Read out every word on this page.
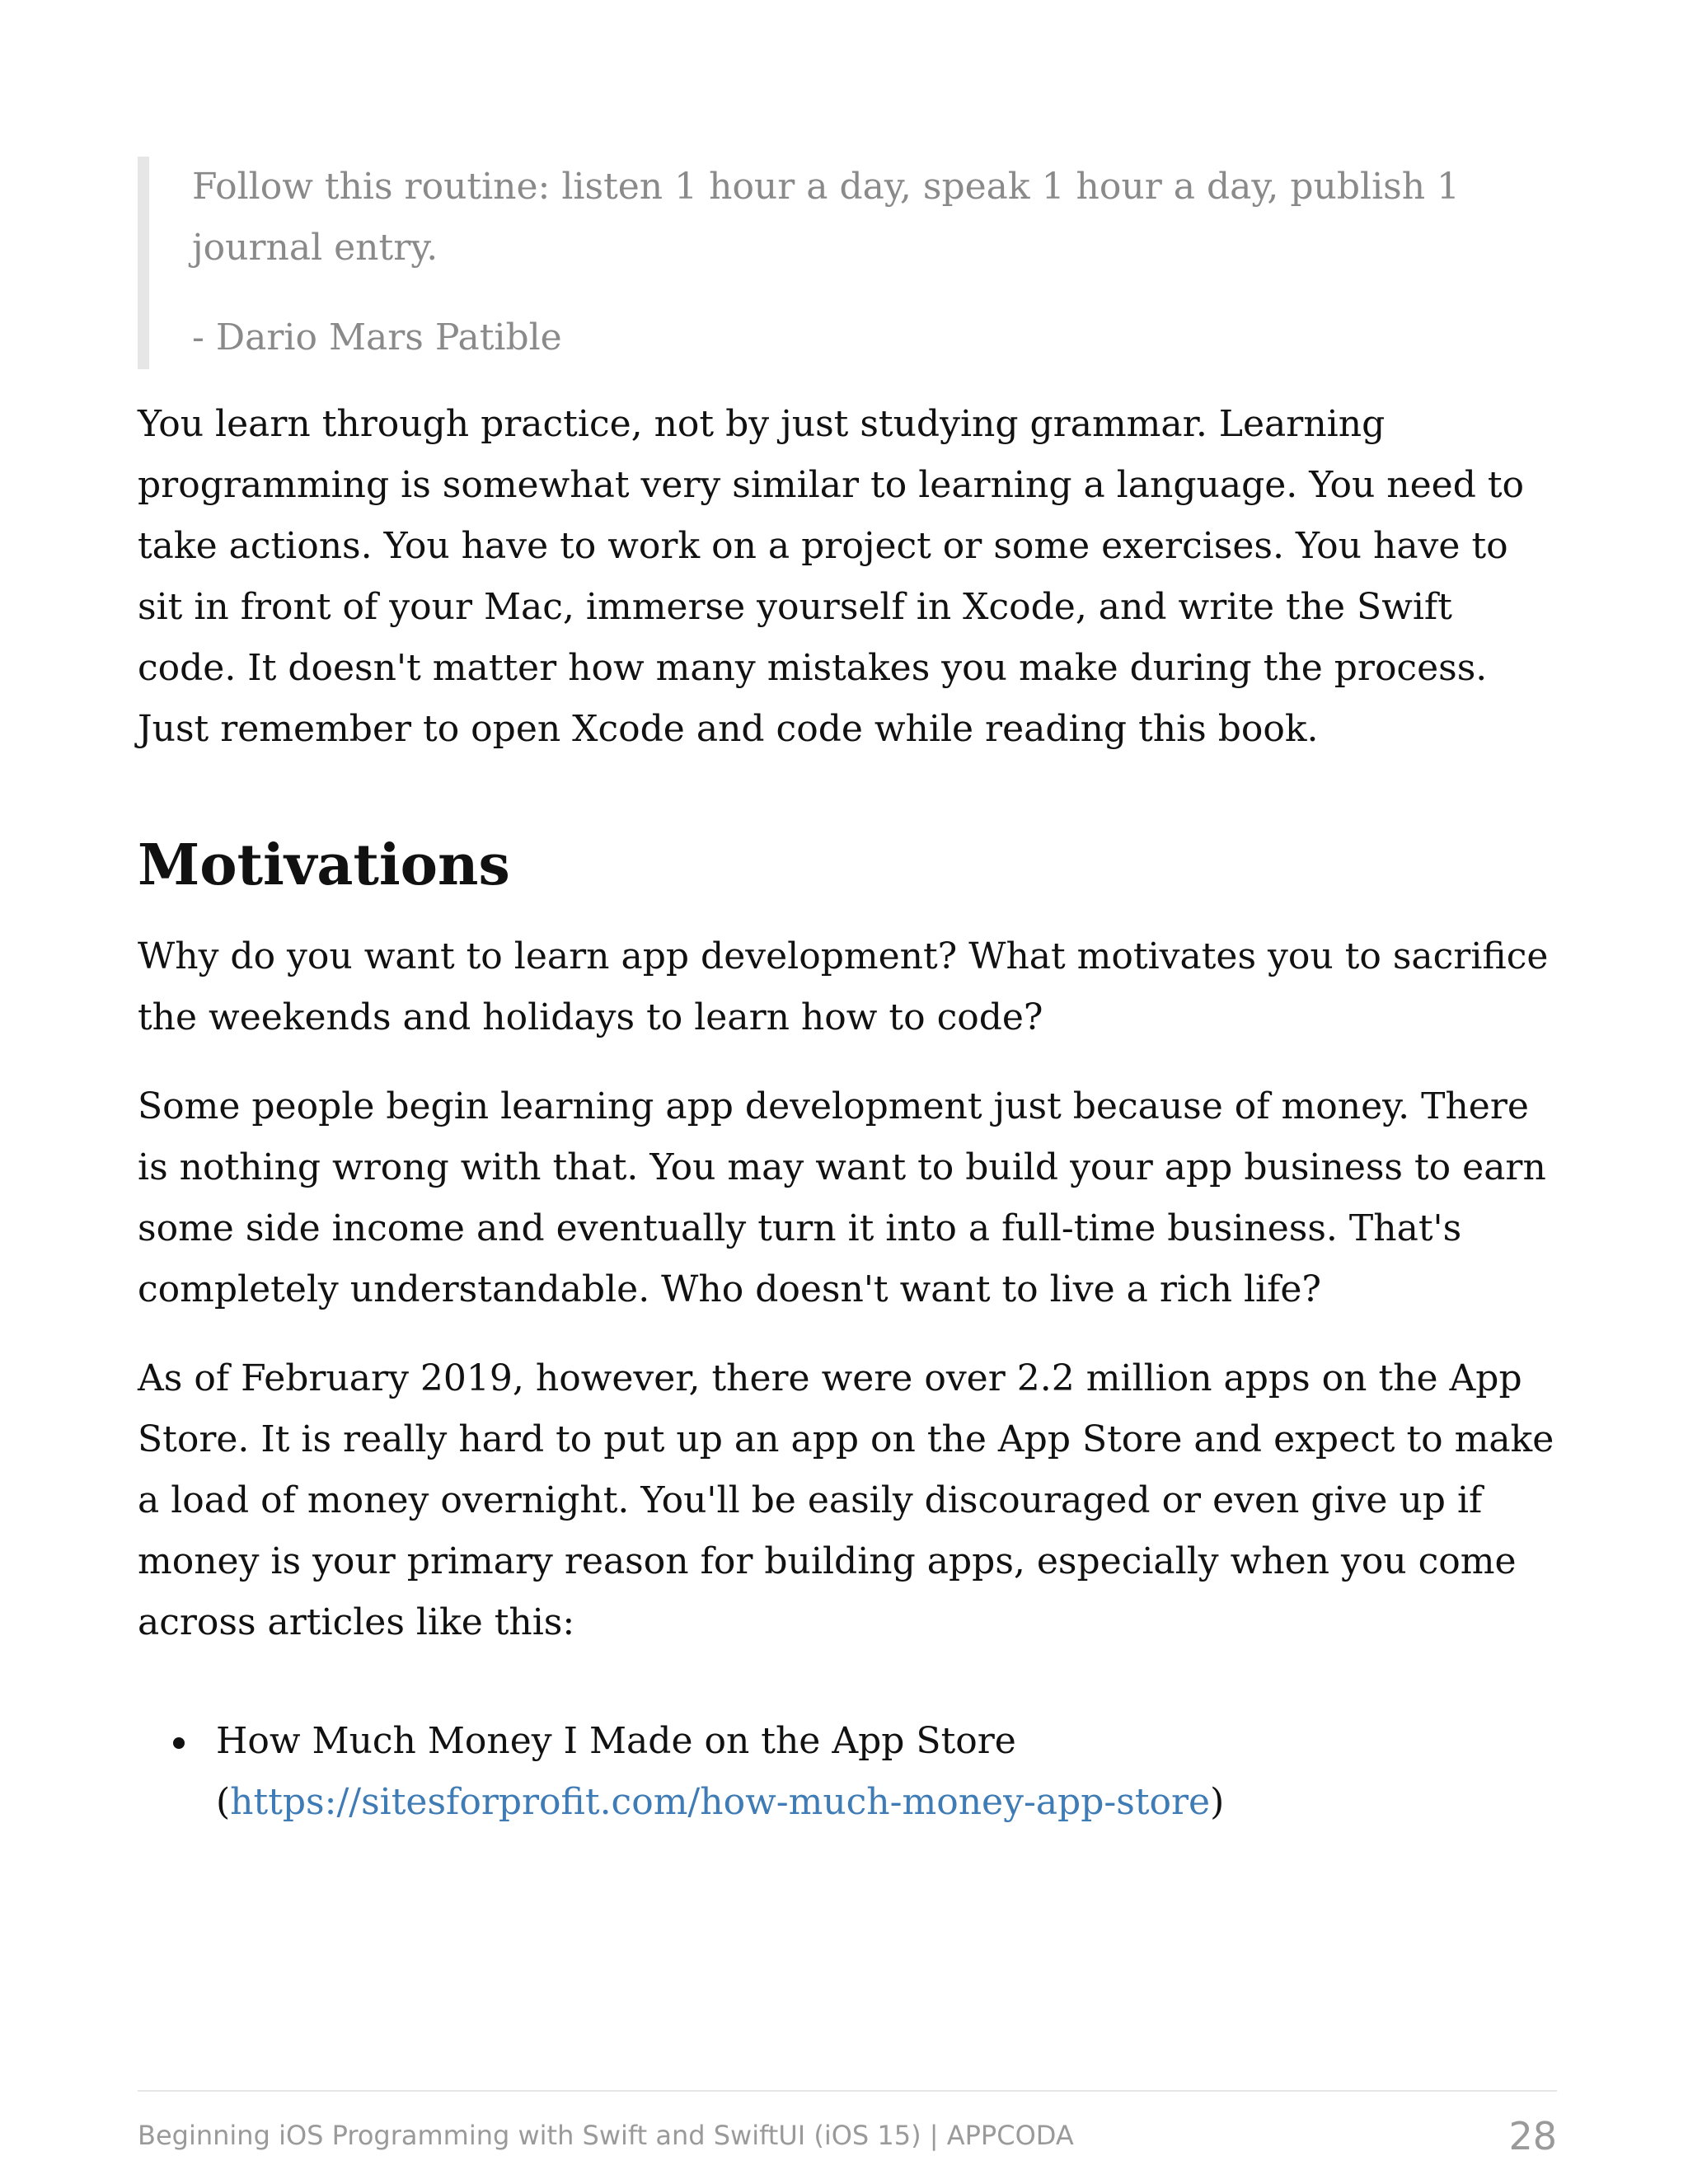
Follow this routine: listen 1 hour a day, speak 1 hour a day, publish 1 journal entry.

- Dario Mars Patible

You learn through practice, not by just studying grammar. Learning programming is somewhat very similar to learning a language. You need to take actions. You have to work on a project or some exercises. You have to sit in front of your Mac, immerse yourself in Xcode, and write the Swift code. It doesn't matter how many mistakes you make during the process. Just remember to open Xcode and code while reading this book.

Motivations

Why do you want to learn app development? What motivates you to sacrifice the weekends and holidays to learn how to code?

Some people begin learning app development just because of money. There is nothing wrong with that. You may want to build your app business to earn some side income and eventually turn it into a full-time business. That's completely understandable. Who doesn't want to live a rich life?

As of February 2019, however, there were over 2.2 million apps on the App Store. It is really hard to put up an app on the App Store and expect to make a load of money overnight. You'll be easily discouraged or even give up if money is your primary reason for building apps, especially when you come across articles like this:

How Much Money I Made on the App Store (https://sitesforprofit.com/how-much-money-app-store)
Beginning iOS Programming with Swift and SwiftUI (iOS 15) | APPCODA	28
